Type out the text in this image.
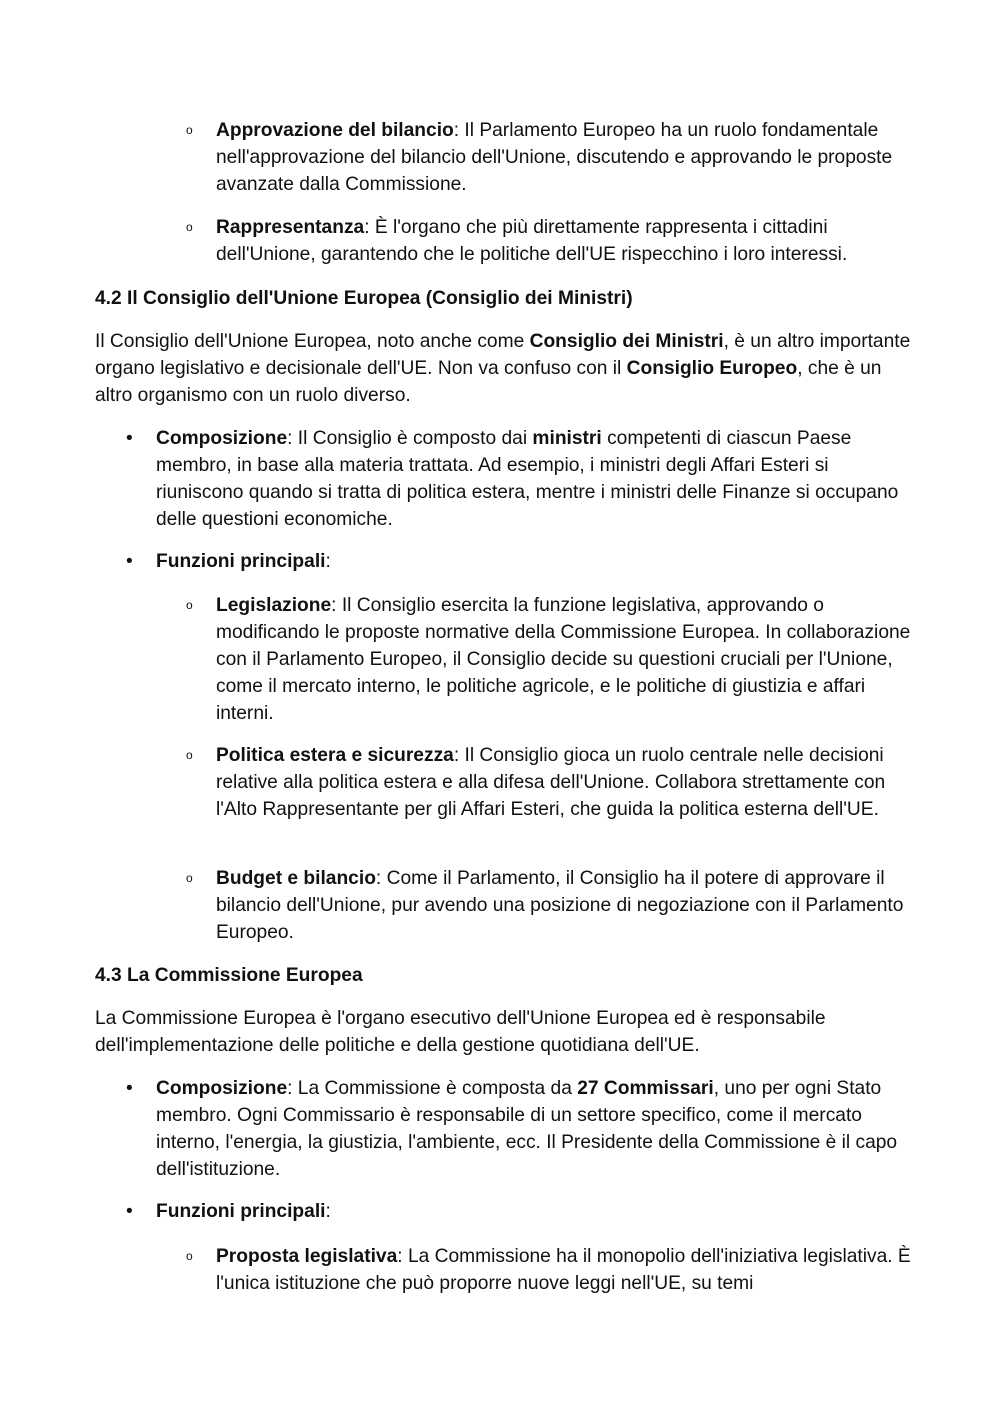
o Approvazione del bilancio: Il Parlamento Europeo ha un ruolo fondamentale nell'approvazione del bilancio dell'Unione, discutendo e approvando le proposte avanzate dalla Commissione.
o Rappresentanza: È l'organo che più direttamente rappresenta i cittadini dell'Unione, garantendo che le politiche dell'UE rispecchino i loro interessi.
4.2 Il Consiglio dell'Unione Europea (Consiglio dei Ministri)
Il Consiglio dell'Unione Europea, noto anche come Consiglio dei Ministri, è un altro importante organo legislativo e decisionale dell'UE. Non va confuso con il Consiglio Europeo, che è un altro organismo con un ruolo diverso.
• Composizione: Il Consiglio è composto dai ministri competenti di ciascun Paese membro, in base alla materia trattata. Ad esempio, i ministri degli Affari Esteri si riuniscono quando si tratta di politica estera, mentre i ministri delle Finanze si occupano delle questioni economiche.
• Funzioni principali:
o Legislazione: Il Consiglio esercita la funzione legislativa, approvando o modificando le proposte normative della Commissione Europea. In collaborazione con il Parlamento Europeo, il Consiglio decide su questioni cruciali per l'Unione, come il mercato interno, le politiche agricole, e le politiche di giustizia e affari interni.
o Politica estera e sicurezza: Il Consiglio gioca un ruolo centrale nelle decisioni relative alla politica estera e alla difesa dell'Unione. Collabora strettamente con l'Alto Rappresentante per gli Affari Esteri, che guida la politica esterna dell'UE.
o Budget e bilancio: Come il Parlamento, il Consiglio ha il potere di approvare il bilancio dell'Unione, pur avendo una posizione di negoziazione con il Parlamento Europeo.
4.3 La Commissione Europea
La Commissione Europea è l'organo esecutivo dell'Unione Europea ed è responsabile dell'implementazione delle politiche e della gestione quotidiana dell'UE.
• Composizione: La Commissione è composta da 27 Commissari, uno per ogni Stato membro. Ogni Commissario è responsabile di un settore specifico, come il mercato interno, l'energia, la giustizia, l'ambiente, ecc. Il Presidente della Commissione è il capo dell'istituzione.
• Funzioni principali:
o Proposta legislativa: La Commissione ha il monopolio dell'iniziativa legislativa. È l'unica istituzione che può proporre nuove leggi nell'UE, su temi
